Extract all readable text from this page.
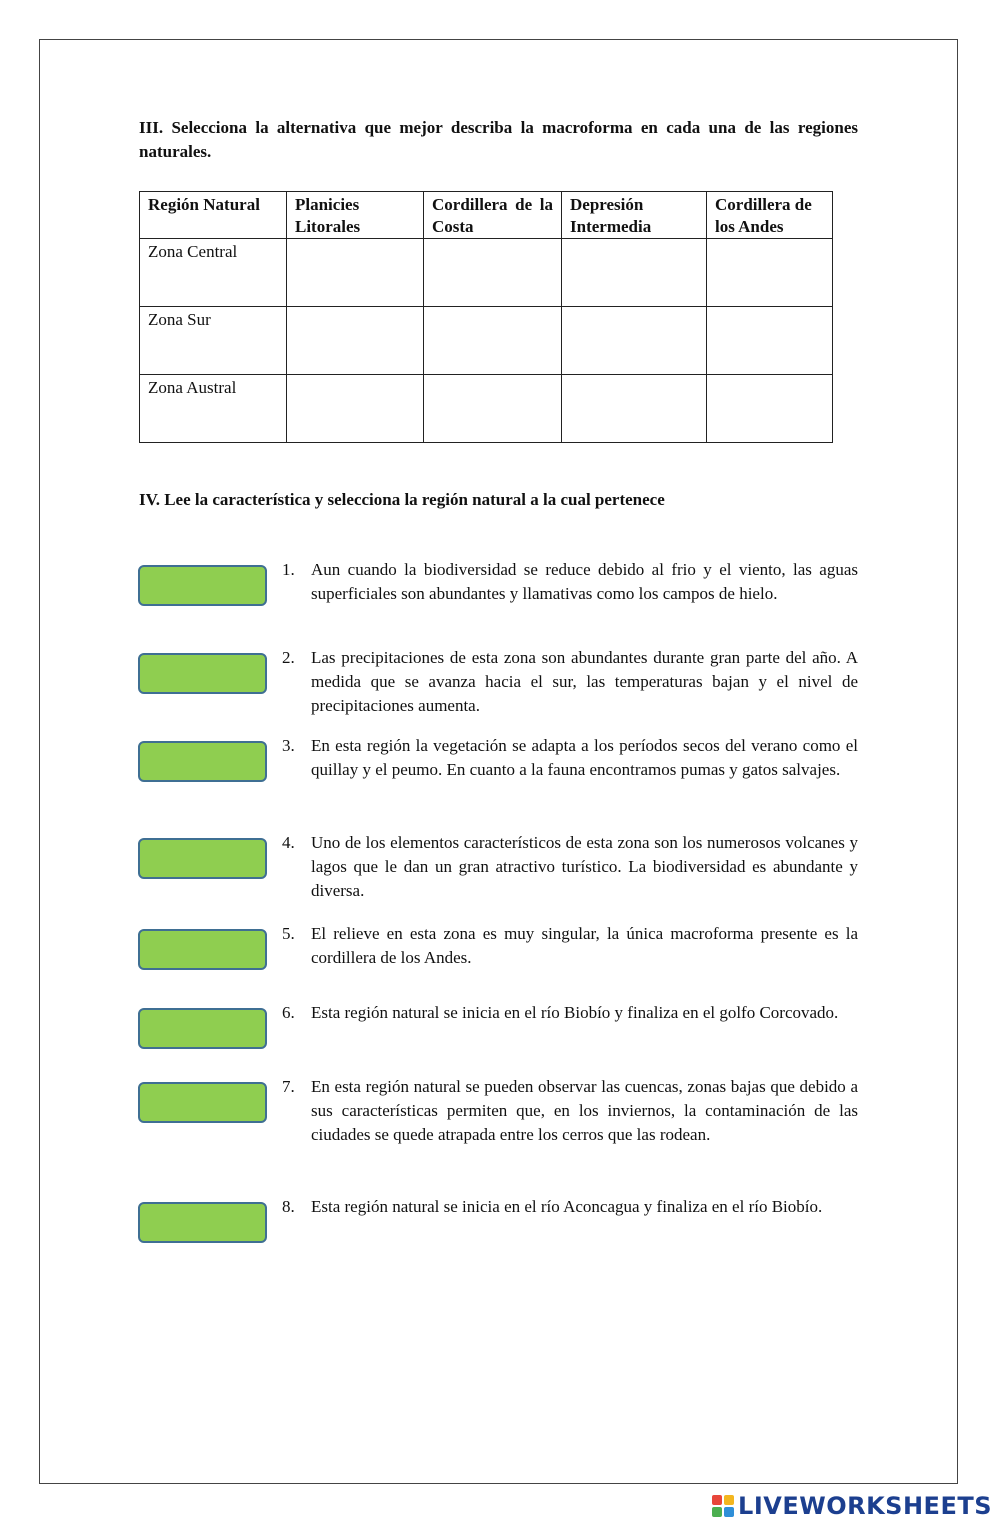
III. Selecciona la alternativa que mejor describa la macroforma en cada una de las regiones naturales.

Región Natural	Planicies Litorales	Cordillera de la Costa	Depresión Intermedia	Cordillera de los Andes
Zona Central				
Zona Sur				
Zona Austral				

IV. Lee la característica y selecciona la región natural a la cual pertenece

1. Aun cuando la biodiversidad se reduce debido al frio y el viento, las aguas superficiales son abundantes y llamativas como los campos de hielo.

2. Las precipitaciones de esta zona son abundantes durante gran parte del año. A medida que se avanza hacia el sur, las temperaturas bajan y el nivel de precipitaciones aumenta.

3. En esta región la vegetación se adapta a los períodos secos del verano como el quillay y el peumo. En cuanto a la fauna encontramos pumas y gatos salvajes.

4. Uno de los elementos característicos de esta zona son los numerosos volcanes y lagos que le dan un gran atractivo turístico. La biodiversidad es abundante y diversa.

5. El relieve en esta zona es muy singular, la única macroforma presente es la cordillera de los Andes.

6. Esta región natural se inicia en el río Biobío y finaliza en el golfo Corcovado.

7. En esta región natural se pueden observar las cuencas, zonas bajas que debido a sus características permiten que, en los inviernos, la contaminación de las ciudades se quede atrapada entre los cerros que las rodean.

8. Esta región natural se inicia en el río Aconcagua y finaliza en el río Biobío.

LIVEWORKSHEETS
